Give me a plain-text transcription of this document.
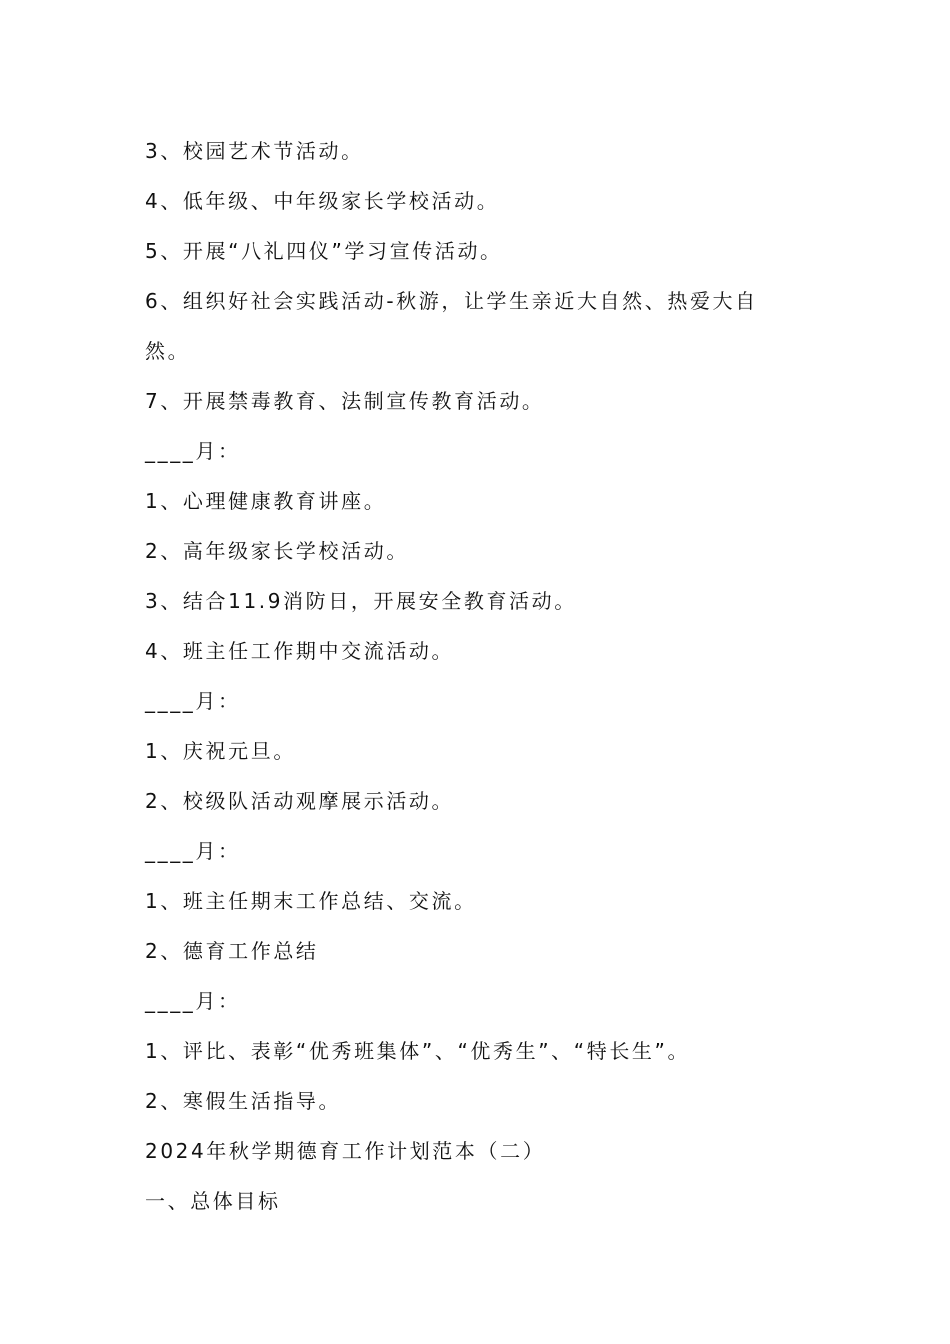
3、校园艺术节活动。
4、低年级、中年级家长学校活动。
5、开展“八礼四仪”学习宣传活动。
6、组织好社会实践活动-秋游，让学生亲近大自然、热爱大自
然。
7、开展禁毒教育、法制宣传教育活动。
____月：
1、心理健康教育讲座。
2、高年级家长学校活动。
3、结合11.9消防日，开展安全教育活动。
4、班主任工作期中交流活动。
____月：
1、庆祝元旦。
2、校级队活动观摩展示活动。
____月：
1、班主任期末工作总结、交流。
2、德育工作总结
____月：
1、评比、表彰“优秀班集体”、“优秀生”、“特长生”。
2、寒假生活指导。
2024年秋学期德育工作计划范本（二）
一、总体目标
